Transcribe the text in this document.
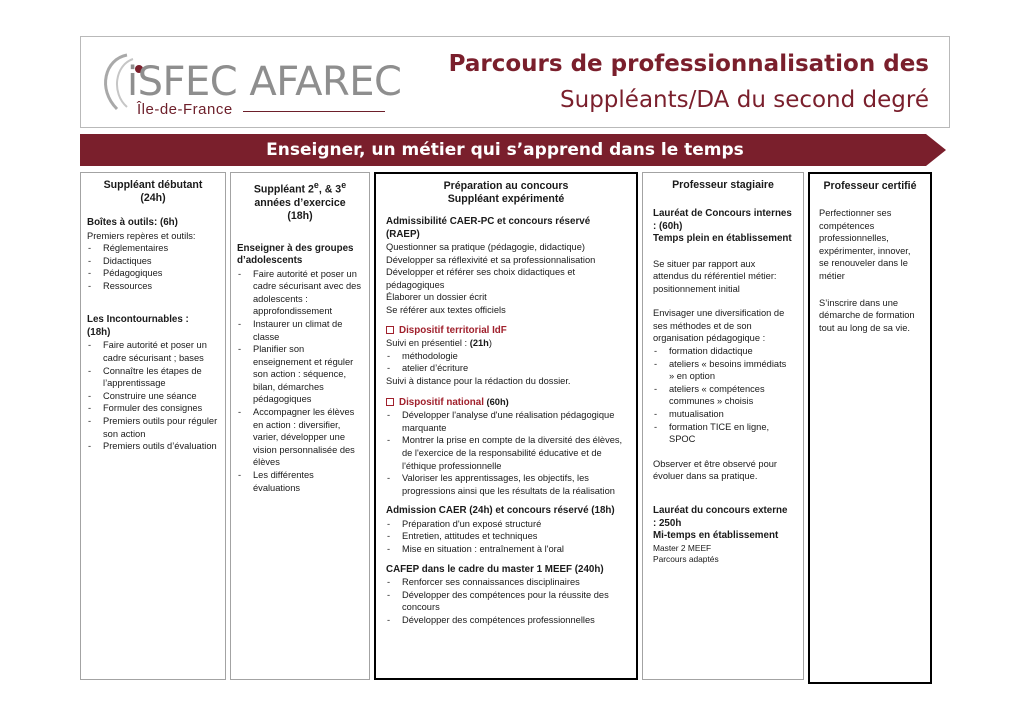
iSFEC AFAREC
Île-de-France
Parcours de professionnalisation des
Suppléants/DA du second degré
Enseigner, un métier qui s’apprend dans le temps
Suppléant débutant
(24h)
Boîtes à outils: (6h)
Premiers repères et outils:
- Réglementaires
- Didactiques
- Pédagogiques
- Ressources
Les Incontournables :
(18h)
- Faire autorité et poser un cadre sécurisant ; bases
- Connaître les étapes de l’apprentissage
- Construire une séance
- Formuler des consignes
- Premiers outils pour réguler son action
- Premiers outils d’évaluation
Suppléant 2e, & 3e
années d’exercice
(18h)
Enseigner à des groupes d’adolescents
- Faire autorité et poser un cadre sécurisant avec des adolescents : approfondissement
- Instaurer un climat de classe
- Planifier son enseignement et réguler son action : séquence, bilan, démarches pédagogiques
- Accompagner les élèves en action : diversifier, varier, développer une vision personnalisée des élèves
- Les différentes évaluations
Préparation au concours
Suppléant expérimenté
Admissibilité CAER-PC et concours réservé (RAEP)
Questionner sa pratique (pédagogie, didactique)
Développer sa réflexivité et sa professionnalisation
Développer et référer ses choix didactiques et pédagogiques
Élaborer un dossier écrit
Se référer aux textes officiels
Dispositif territorial IdF
Suivi en présentiel : (21h)
- méthodologie
- atelier d’écriture
Suivi à distance pour la rédaction du dossier.
Dispositif national (60h)
- Développer l'analyse d'une réalisation pédagogique marquante
- Montrer la prise en compte de la diversité des élèves, de l'exercice de la responsabilité éducative et de l'éthique professionnelle
- Valoriser les apprentissages, les objectifs, les progressions ainsi que les résultats de la réalisation
Admission CAER (24h) et concours réservé (18h)
- Préparation d'un exposé structuré
- Entretien, attitudes et techniques
- Mise en situation : entraînement à l'oral
CAFEP dans le cadre du master 1 MEEF (240h)
- Renforcer ses connaissances disciplinaires
- Développer des compétences pour la réussite des concours
- Développer des compétences professionnelles
Professeur stagiaire
Lauréat de Concours internes : (60h)
Temps plein en établissement
Se situer par rapport aux attendus du référentiel métier: positionnement initial
Envisager une diversification de ses méthodes et de son organisation pédagogique :
- formation didactique
- ateliers « besoins immédiats » en option
- ateliers « compétences communes » choisis
- mutualisation
- formation TICE en ligne, SPOC
Observer et être observé pour évoluer dans sa pratique.
Lauréat du concours externe : 250h
Mi-temps en établissement
Master 2 MEEF
Parcours adaptés
Professeur certifié
Perfectionner ses compétences professionnelles, expérimenter, innover, se renouveler dans le métier
S’inscrire dans une démarche de formation tout au long de sa vie.
